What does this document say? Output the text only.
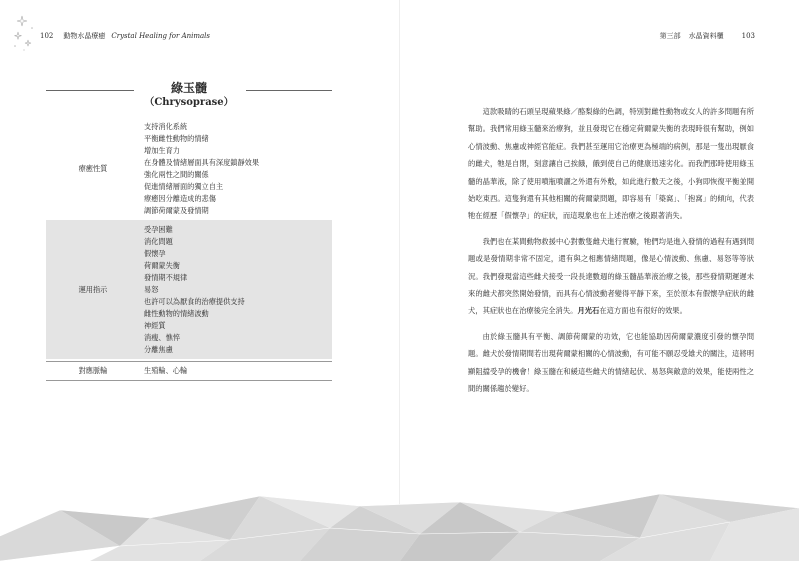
102 動物水晶療癒 Crystal Healing for Animals
綠玉髓
（Chrysoprase）
療癒性質
支持消化系統
平衡雌性動物的情緒
增加生育力
在身體及情緒層面具有深度鎮靜效果
強化兩性之間的關係
促進情緒層面的獨立自主
療癒因分離造成的悲傷
調節荷爾蒙及發情期
運用指示
受孕困難
消化問題
假懷孕
荷爾蒙失衡
發情期不規律
易怒
也許可以為厭食的治療提供支持
雌性動物的情緒波動
神經質
消瘦、憔悴
分離焦慮
對應脈輪	生殖輪、心輪
第三部 水晶資料櫃	103

這款吸睛的石頭呈現蘋果綠／酪梨綠的色調，特別對雌性動物或女人的許多問題有所幫助。我們常用綠玉髓來治療狗，並且發現它在穩定荷爾蒙失衡的表現時很有幫助，例如心情波動、焦慮或神經官能症。我們甚至運用它治療更為極端的病例，那是一隻出現厭食的雌犬，牠是自閉，刻意讓自己挨餓，餓到使自己的健康迅速劣化。而我們那時使用綠玉髓的晶華液，除了使用噴瓶噴灑之外還有外敷，如此進行數天之後，小狗即恢復平衡並開始吃東西。這隻狗還有其他相關的荷爾蒙問題，即容易有「築窩」、「抱窩」的傾向，代表牠在經歷「假懷孕」的症狀，而這現象也在上述治療之後跟著消失。

我們也在某間動物救援中心對數隻雌犬進行實驗，牠們均是進入發情的過程有遇到問題或是發情期非常不固定，還有與之相應情緒問題，像是心情波動、焦慮、易怒等等狀況。我們發現當這些雌犬接受一段長達數週的綠玉髓晶華液治療之後，那些發情期遲遲未來的雌犬都突然開始發情，而具有心情波動者變得平靜下來，至於原本有假懷孕症狀的雌犬，其症狀也在治療後完全消失。月光石在這方面也有很好的效果。

由於綠玉髓具有平衡、調節荷爾蒙的功效，它也能協助因荷爾蒙濃度引發的懷孕問題。雌犬於發情期間若出現荷爾蒙相關的心情波動，有可能不願忍受雄犬的關注，這將明顯阻擋受孕的機會！綠玉髓在和緩這些雌犬的情緒起伏、易怒與敵意的效果，能使兩性之間的關係趨於變好。
